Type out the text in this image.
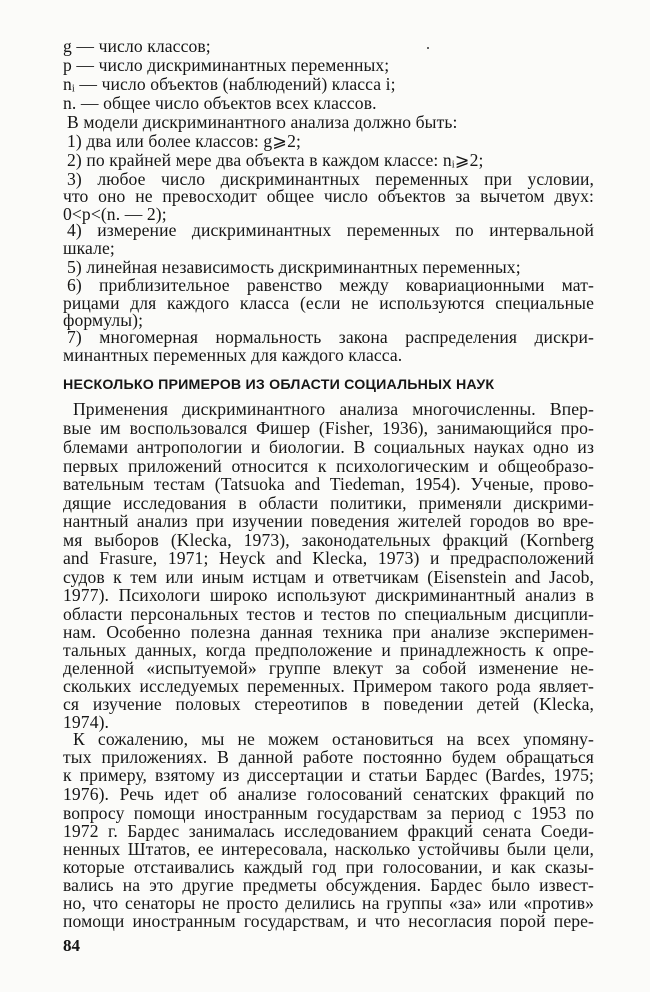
g — число классов;
p — число дискриминантных переменных;
nᵢ — число объектов (наблюдений) класса i;
n. — общее число объектов всех классов.
В модели дискриминантного анализа должно быть:
1) два или более классов: g⩾2;
2) по крайней мере два объекта в каждом классе: nᵢ⩾2;
3) любое число дискриминантных переменных при условии,
что оно не превосходит общее число объектов за вычетом двух:
0<p<(n. — 2);
4) измерение дискриминантных переменных по интервальной
шкале;
5) линейная независимость дискриминантных переменных;
6) приблизительное равенство между ковариационными мат-
рицами для каждого класса (если не используются специальные
формулы);
7) многомерная нормальность закона распределения дискри-
минантных переменных для каждого класса.
НЕСКОЛЬКО ПРИМЕРОВ ИЗ ОБЛАСТИ СОЦИАЛЬНЫХ НАУК
Применения дискриминантного анализа многочисленны. Впер-
вые им воспользовался Фишер (Fisher, 1936), занимающийся про-
блемами антропологии и биологии. В социальных науках одно из
первых приложений относится к психологическим и общеобразо-
вательным тестам (Tatsuoka and Tiedeman, 1954). Ученые, прово-
дящие исследования в области политики, применяли дискрими-
нантный анализ при изучении поведения жителей городов во вре-
мя выборов (Klecka, 1973), законодательных фракций (Kornberg
and Frasure, 1971; Heyck and Klecka, 1973) и предрасположений
судов к тем или иным истцам и ответчикам (Eisenstein and Jacob,
1977). Психологи широко используют дискриминантный анализ в
области персональных тестов и тестов по специальным дисципли-
нам. Особенно полезна данная техника при анализе эксперимен-
тальных данных, когда предположение и принадлежность к опре-
деленной «испытуемой» группе влекут за собой изменение не-
скольких исследуемых переменных. Примером такого рода являет-
ся изучение половых стереотипов в поведении детей (Klecka,
1974).
К сожалению, мы не можем остановиться на всех упомяну-
тых приложениях. В данной работе постоянно будем обращаться
к примеру, взятому из диссертации и статьи Бардес (Bardes, 1975;
1976). Речь идет об анализе голосований сенатских фракций по
вопросу помощи иностранным государствам за период с 1953 по
1972 г. Бардес занималась исследованием фракций сената Соеди-
ненных Штатов, ее интересовала, насколько устойчивы были цели,
которые отстаивались каждый год при голосовании, и как сказы-
вались на это другие предметы обсуждения. Бардес было извест-
но, что сенаторы не просто делились на группы «за» или «против»
помощи иностранным государствам, и что несогласия порой пере-
84
